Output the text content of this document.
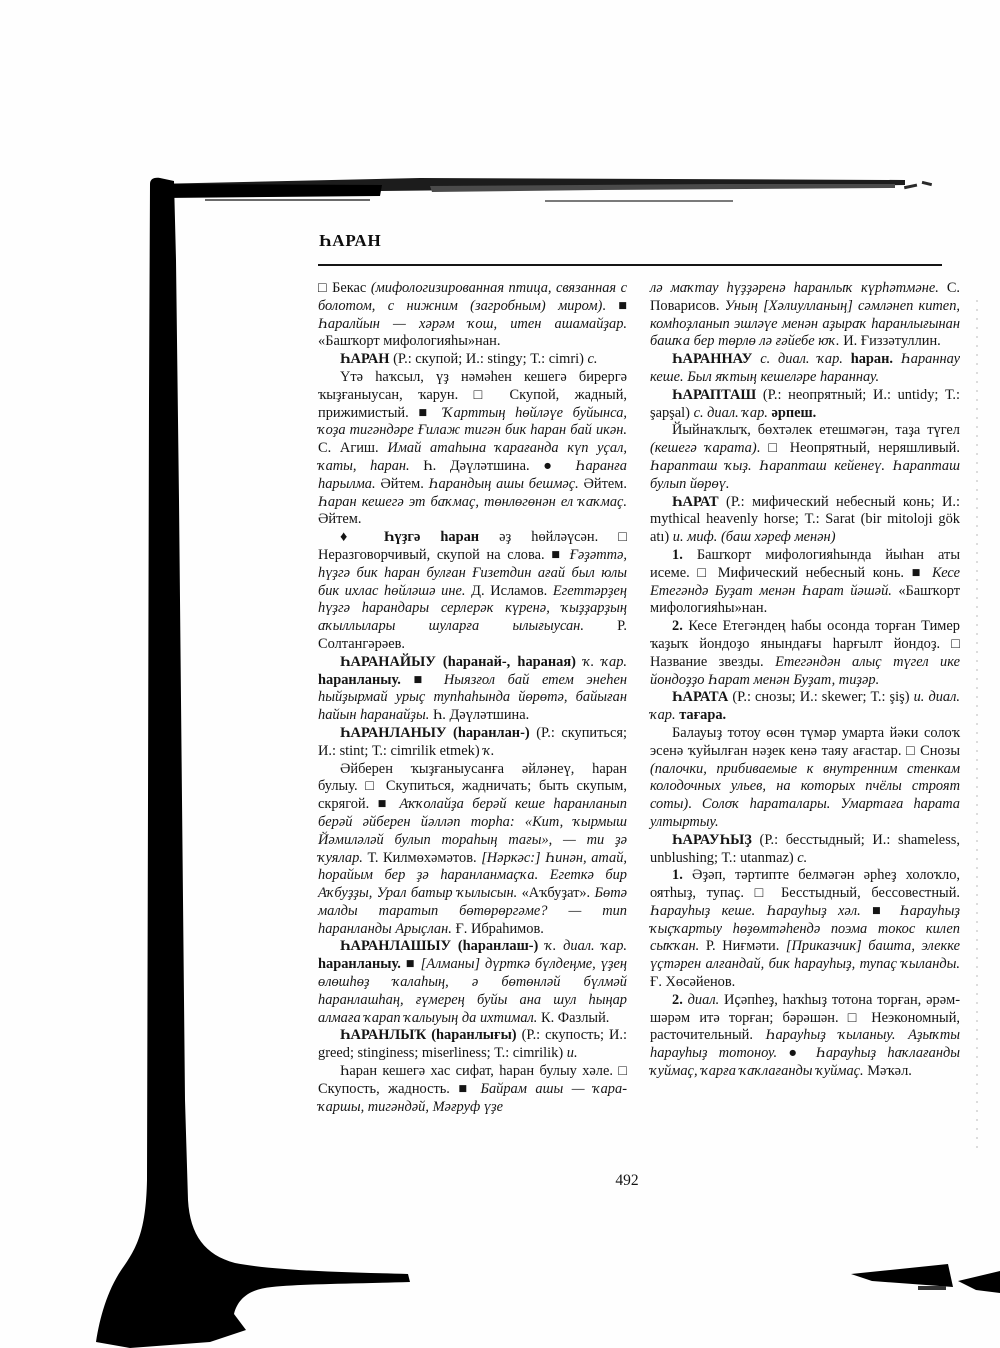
ҺАРАН

□ Бекас (мифологизированная птица, связанная с болотом, с нижним (загробным) миром). ■ Һаралйын — хәрәм ҡош, итен ашамайҙар. «Башҡорт мифологияһы»нан.

ҺАРАН (Р.: скупой; И.: stingy; Т.: cimri) с.

Үтә һаҡсыл, үҙ нәмәһен кешегә бирергә ҡыҙғаныусан, ҡарун. □ Скупой, жадный, прижимистый. ■ Ҡарттың һөйләүе буйынса, ҡоҙа тигәндәре Ғилаж тигән бик һаран бай икән. С. Агиш. Имай атаһына ҡарағанда күп уҫал, ҡаты, һаран. Һ. Дәүләтшина. ● Һаранға һарылма. Әйтем. Һарандың ашы бешмәҫ. Әйтем. Һаран кешегә эт баҡмаҫ, төнлөгөнән ел ҡаҡмаҫ. Әйтем.

♦ Һүҙгә һаран әҙ һөйләүсән. □ Неразговорчивый, скупой на слова. ■ Ғәҙәттә, һүҙгә бик һаран булған Ғизетдин ағай был юлы бик ихлас һөйләшә ине. Д. Исламов. Егеттәрҙең һүҙгә һарандары серлерәк күренә, ҡыҙҙарҙың аҡыллылары шуларға ылығыусан. Р. Солтангәрәев.

ҺАРАНАЙЫУ (һаранай-, һараная) ҡ. ҡар. һаранланыу. ■ Ныязғол бай етем энеһен һыйҙырмай урыҫ тупһаһында йөрөтә, байыған һайын һаранайҙы. Һ. Дәүләтшина.

ҺАРАНЛАНЫУ (һаранлан-) (Р.: скупиться; И.: stint; Т.: cimrilik etmek) ҡ.

Әйберен ҡыҙғаныусанға әйләнеү, һаран булыу. □ Скупиться, жадничать; быть скупым, скрягой. ■ Аҡҡолайҙа берәй кеше һаранланып берәй әйберен йәлләп торһа: «Кит, ҡырмыш Йәмиләләй булып тораһың тағы», — ти ҙә ҡуялар. Т. Килмөхәмәтов. [Нәркәс:] Һинән, атай, һорайым бер ҙә һаранланмаҫҡа. Егеткә бир Аҡбуҙҙы, Урал батыр ҡылысын. «Аҡбуҙат». Бөтә малды таратып бөтөрөргәме? — тип һаранланды Арыҫлан. Ғ. Ибраһимов.

ҺАРАНЛАШЫУ (һаранлаш-) ҡ. диал. ҡар. һаранланыу. ■ [Алманы] дүрткә бүлдеңме, үҙең өлөшһөҙ ҡалаһың, ә бөтөнләй бүлмәй һаранлашһаң, ғүмерең буйы ана шул һыңар алмаға ҡарап ҡалыуың да ихтимал. К. Фазлый.

ҺАРАНЛЫҠ (һаранлығы) (Р.: скупость; И.: greed; stinginess; miserliness; Т.: cimrilik) и.

Һаран кешегә хас сифат, һаран булыу хәле. □ Скупость, жадность. ■ Байрам ашы — ҡара-ҡаршы, тигәндәй, Мәғруф үҙе

лә маҡтау һүҙҙәренә һаранлыҡ күрһәтмәне. С. Поварисов. Уның [Хәлиулланың] сәмләнеп китеп, комһоҙланып эшләүе менән аҙыраҡ һаранлығынан башҡа бер төрлө лә ғәйебе юҡ. И. Ғиззәтуллин.

ҺАРАННАУ с. диал. ҡар. һаран. Һараннау кеше. Был яҡтың кешеләре һараннау.

ҺАРАПТАШ (Р.: неопрятный; И.: untidy; Т.: şapşal) с. диал. ҡар. әрпеш.

Йыйнаҡлыҡ, бөхтәлек етешмәгән, таҙа түгел (кешегә ҡарата). □ Неопрятный, неряшливый. Һарапташ ҡыҙ. Һарапташ кейенеү. Һарапташ булып йөрөү.

ҺАРАТ (Р.: мифический небесный конь; И.: mythical heavenly horse; Т.: Sarat (bir mitoloji gök atı) и. миф. (баш хәреф менән)

1. Башҡорт мифологияһында йыһан аты исеме. □ Мифический небесный конь. ■ Кесе Етегәндә Буҙат менән Һарат йәшәй. «Башҡорт мифологияһы»нан.

2. Кесе Етегәндең һабы осонда торған Тимер ҡаҙыҡ йондоҙо янындағы һарғылт йондоҙ. □ Название звезды. Етегәндән алыҫ түгел ике йондоҙҙо Һарат менән Буҙат, тиҙәр.

ҺАРАТА (Р.: снозы; И.: skewer; Т.: şiş) и. диал. ҡар. тағара.

Балауыҙ тотоу өсөн түмәр умарта йәки солоҡ эсенә ҡуйылған нәҙек кенә таяу ағастар. □ Снозы (палочки, прибиваемые к внутренним стенкам колодочных ульев, на которых пчёлы строят соты). Солоҡ һараталары. Умартаға һарата ултыртыу.

ҺАРАУҺЫҘ (Р.: бесстыдный; И.: shameless, unblushing; Т.: utanmaz) с.

1. Әҙәп, тәртипте белмәгән әрһеҙ холоҡло, оятһыҙ, тупаҫ. □ Бесстыдный, бессовестный. Һарауһыҙ кеше. Һарауһыҙ хәл. ■ Һарауһыҙ ҡыҫҡартыу һөҙөмтәһендә поэма токос килеп сыҡҡан. Р. Ниғмәти. [Приказчик] башта, элекке үҫтәрен алғандай, бик һарауһыҙ, тупаҫ ҡыланды. Ғ. Хөсәйенов.

2. диал. Иҫәпһеҙ, һаҡһыҙ тотона торған, әрәм-шәрәм итә торған; бәрәшән. □ Неэкономный, расточительный. Һарауһыҙ ҡыланыу. Аҙыҡты һарауһыҙ тотоноу. ● Һарауһыҙ һаҡлағанды ҡуймаҫ, ҡарға ҡаҡлағанды ҡуймаҫ. Мәҡәл.

492
